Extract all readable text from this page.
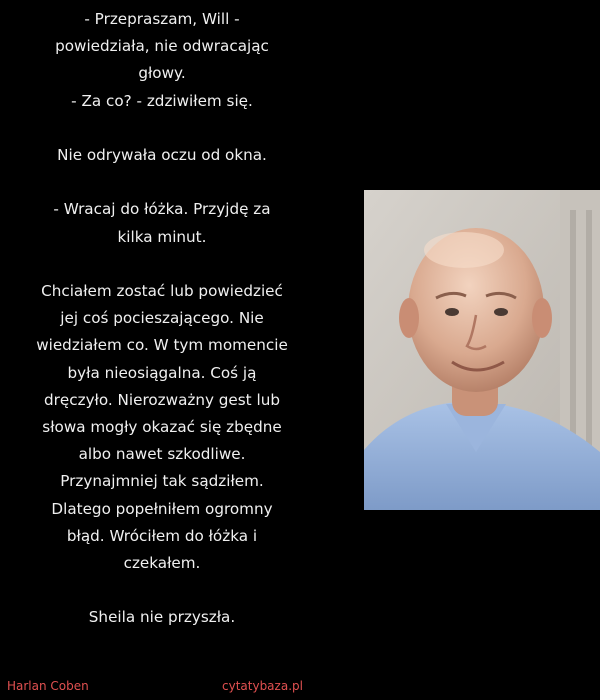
- Przepraszam, Will -
powiedziała, nie odwracając
głowy.
- Za co? - zdziwiłem się.
Nie odrywała oczu od okna.
- Wracaj do łóżka. Przyjdę za
kilka minut.
Chciałem zostać lub powiedzieć
jej coś pocieszającego. Nie
wiedziałem co. W tym momencie
była nieosiągalna. Coś ją
dręczyło. Nierozważny gest lub
słowa mogły okazać się zbędne
albo nawet szkodliwe.
Przynajmniej tak sądziłem.
Dlatego popełniłem ogromny
błąd. Wróciłem do łóżka i
czekałem.
Sheila nie przyszła.
Harlan Coben	cytatybaza.pl
